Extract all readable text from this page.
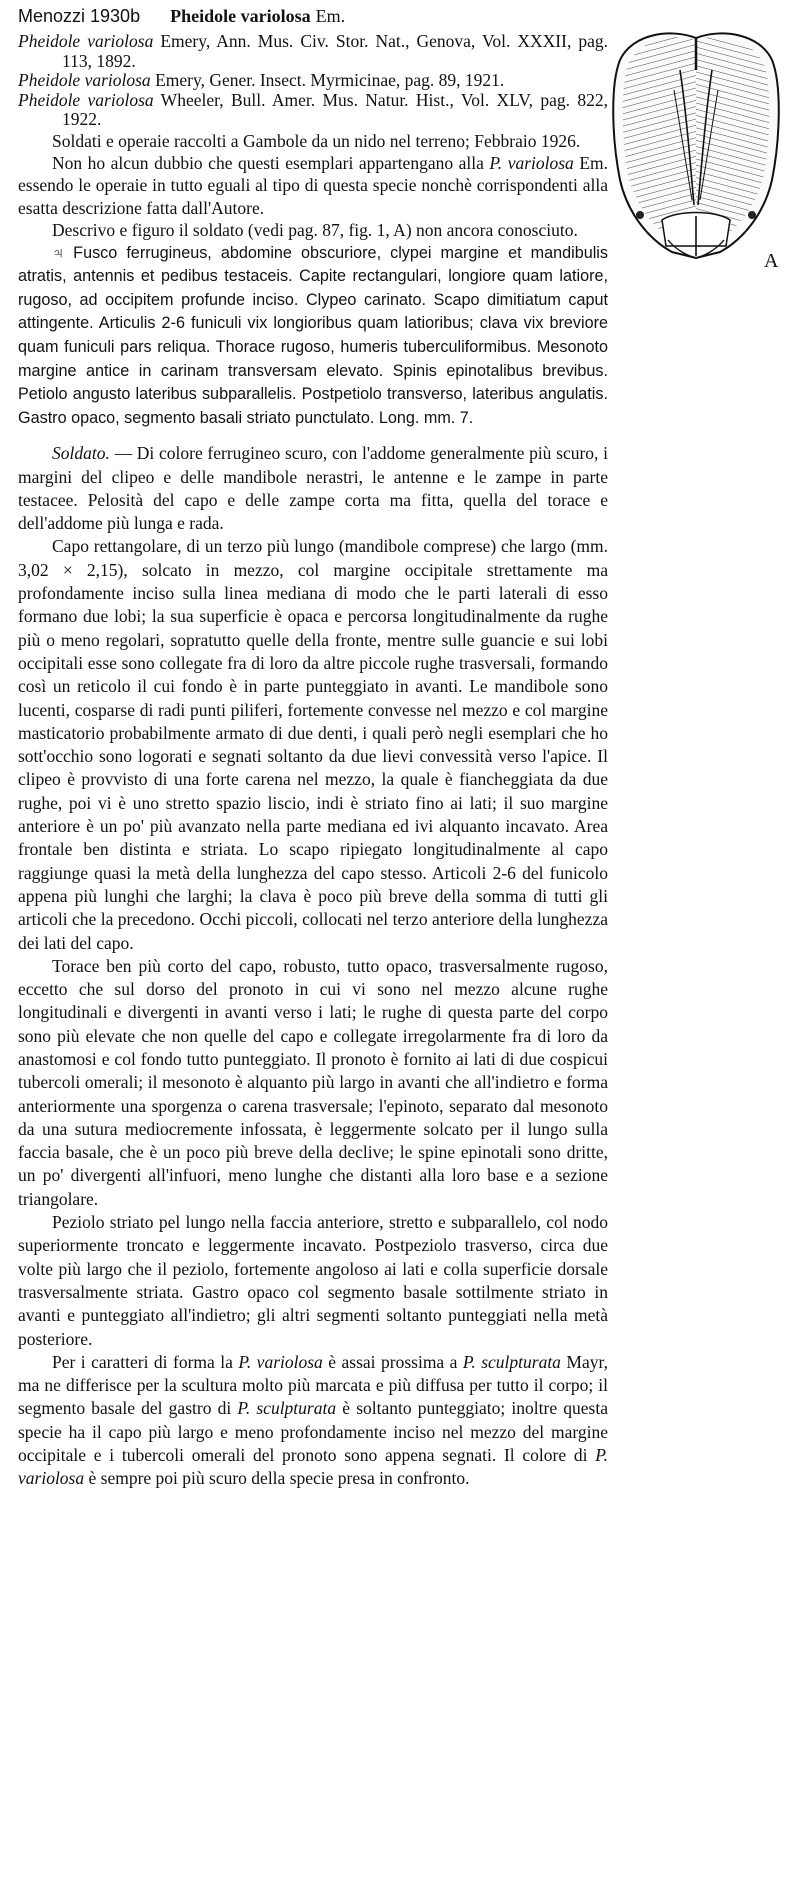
Menozzi 1930b Pheidole variolosa Em.

Pheidole variolosa Emery, Ann. Mus. Civ. Stor. Nat., Genova, Vol. XXXII, pag. 113, 1892.

Pheidole variolosa Emery, Gener. Insect. Myrmicinae, pag. 89, 1921.

Pheidole variolosa Wheeler, Bull. Amer. Mus. Natur. Hist., Vol. XLV, pag. 822, 1922.

Soldati e operaie raccolti a Gambole da un nido nel terreno; Febbraio 1926.

Non ho alcun dubbio che questi esemplari appartengano alla P. variolosa Em. essendo le operaie in tutto eguali al tipo di questa specie nonchè corrispondenti alla esatta descrizione fatta dall'Autore.

Descrivo e figuro il soldato (vedi pag. 87, fig. 1, A) non ancora conosciuto.

♃ Fusco ferrugineus, abdomine obscuriore, clypei margine et mandibulis atratis, antennis et pedibus testaceis. Capite rectangulari, longiore quam latiore, rugoso, ad occipitem profunde inciso. Clypeo carinato. Scapo dimitiatum caput attingente. Articulis 2-6 funiculi vix longioribus quam latioribus; clava vix breviore quam funiculi pars reliqua. Thorace rugoso, humeris tuberculiformibus. Mesonoto margine antice in carinam transversam elevato. Spinis epinotalibus brevibus. Petiolo angusto lateribus subparallelis. Postpetiolo transverso, lateribus angulatis. Gastro opaco, segmento basali striato punctulato. Long. mm. 7.

Soldato. — Di colore ferrugineo scuro, con l'addome generalmente più scuro, i margini del clipeo e delle mandibole nerastri, le antenne e le zampe in parte testacee. Pelosità del capo e delle zampe corta ma fitta, quella del torace e dell'addome più lunga e rada.

Capo rettangolare, di un terzo più lungo (mandibole comprese) che largo (mm. 3,02 × 2,15), solcato in mezzo, col margine occipitale strettamente ma profondamente inciso sulla linea mediana di modo che le parti laterali di esso formano due lobi; la sua superficie è opaca e percorsa longitudinalmente da rughe più o meno regolari, sopratutto quelle della fronte, mentre sulle guancie e sui lobi occipitali esse sono collegate fra di loro da altre piccole rughe trasversali, formando così un reticolo il cui fondo è in parte punteggiato in avanti. Le mandibole sono lucenti, cosparse di radi punti piliferi, fortemente convesse nel mezzo e col margine masticatorio probabilmente armato di due denti, i quali però negli esemplari che ho sott'occhio sono logorati e segnati soltanto da due lievi convessità verso l'apice. Il clipeo è provvisto di una forte carena nel mezzo, la quale è fiancheggiata da due rughe, poi vi è uno stretto spazio liscio, indi è striato fino ai lati; il suo margine anteriore è un po' più avanzato nella parte mediana ed ivi alquanto incavato. Area frontale ben distinta e striata. Lo scapo ripiegato longitudinalmente al capo raggiunge quasi la metà della lunghezza del capo stesso. Articoli 2-6 del funicolo appena più lunghi che larghi; la clava è poco più breve della somma di tutti gli articoli che la precedono. Occhi piccoli, collocati nel terzo anteriore della lunghezza dei lati del capo.

Torace ben più corto del capo, robusto, tutto opaco, trasversalmente rugoso, eccetto che sul dorso del pronoto in cui vi sono nel mezzo alcune rughe longitudinali e divergenti in avanti verso i lati; le rughe di questa parte del corpo sono più elevate che non quelle del capo e collegate irregolarmente fra di loro da anastomosi e col fondo tutto punteggiato. Il pronoto è fornito ai lati di due cospicui tubercoli omerali; il mesonoto è alquanto più largo in avanti che all'indietro e forma anteriormente una sporgenza o carena trasversale; l'epinoto, separato dal mesonoto da una sutura mediocremente infossata, è leggermente solcato per il lungo sulla faccia basale, che è un poco più breve della declive; le spine epinotali sono dritte, un po' divergenti all'infuori, meno lunghe che distanti alla loro base e a sezione triangolare.

Peziolo striato pel lungo nella faccia anteriore, stretto e subparallelo, col nodo superiormente troncato e leggermente incavato. Postpeziolo trasverso, circa due volte più largo che il peziolo, fortemente angoloso ai lati e colla superficie dorsale trasversalmente striata. Gastro opaco col segmento basale sottilmente striato in avanti e punteggiato all'indietro; gli altri segmenti soltanto punteggiati nella metà posteriore.

Per i caratteri di forma la P. variolosa è assai prossima a P. sculpturata Mayr, ma ne differisce per la scultura molto più marcata e più diffusa per tutto il corpo; il segmento basale del gastro di P. sculpturata è soltanto punteggiato; inoltre questa specie ha il capo più largo e meno profondamente inciso nel mezzo del margine occipitale e i tubercoli omerali del pronoto sono appena segnati. Il colore di P. variolosa è sempre poi più scuro della specie presa in confronto.

A
